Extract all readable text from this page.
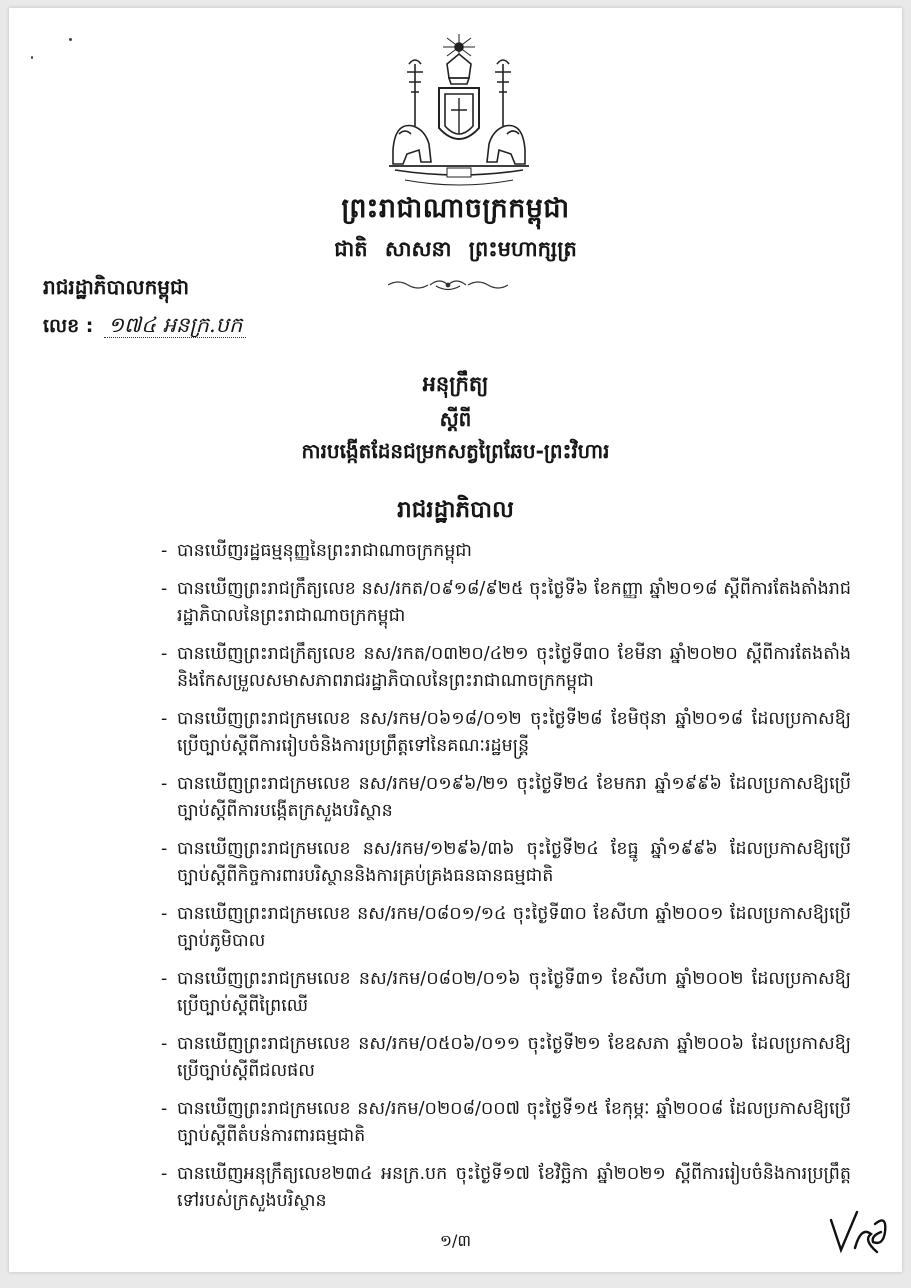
ព្រះរាជាណាចក្រកម្ពុជា
ជាតិ សាសនា ព្រះមហាក្សត្រ
រាជរដ្ឋាភិបាលកម្ពុជា
លេខ : ១៧៤ អនក្រ.បក
អនុក្រឹត្យ
ស្តីពី
ការបង្កើតដែនជម្រកសត្វព្រៃឆែប-ព្រះវិហារ
រាជរដ្ឋាភិបាល
- បានឃើញរដ្ឋធម្មនុញ្ញនៃព្រះរាជាណាចក្រកម្ពុជា
- បានឃើញព្រះរាជក្រឹត្យលេខ នស/រកត/០៩១៨/៩២៥ ចុះថ្ងៃទី៦ ខែកញ្ញា ឆ្នាំ២០១៨ ស្តីពីការតែងតាំងរាជរដ្ឋាភិបាលនៃព្រះរាជាណាចក្រកម្ពុជា
- បានឃើញព្រះរាជក្រឹត្យលេខ នស/រកត/០៣២០/៤២១ ចុះថ្ងៃទី៣០ ខែមីនា ឆ្នាំ២០២០ ស្តីពីការតែងតាំងនិងកែសម្រួលសមាសភាពរាជរដ្ឋាភិបាលនៃព្រះរាជាណាចក្រកម្ពុជា
- បានឃើញព្រះរាជក្រមលេខ នស/រកម/០៦១៨/០១២ ចុះថ្ងៃទី២៨ ខែមិថុនា ឆ្នាំ២០១៨ ដែលប្រកាសឱ្យប្រើច្បាប់ស្តីពីការរៀបចំនិងការប្រព្រឹត្តទៅនៃគណៈរដ្ឋមន្ត្រី
- បានឃើញព្រះរាជក្រមលេខ នស/រកម/០១៩៦/២១ ចុះថ្ងៃទី២៤ ខែមករា ឆ្នាំ១៩៩៦ ដែលប្រកាសឱ្យប្រើច្បាប់ស្តីពីការបង្កើតក្រសួងបរិស្ថាន
- បានឃើញព្រះរាជក្រមលេខ នស/រកម/១២៩៦/៣៦ ចុះថ្ងៃទី២៤ ខែធ្នូ ឆ្នាំ១៩៩៦ ដែលប្រកាសឱ្យប្រើច្បាប់ស្តីពីកិច្ចការពារបរិស្ថាននិងការគ្រប់គ្រងធនធានធម្មជាតិ
- បានឃើញព្រះរាជក្រមលេខ នស/រកម/០៨០១/១៤ ចុះថ្ងៃទី៣០ ខែសីហា ឆ្នាំ២០០១ ដែលប្រកាសឱ្យប្រើច្បាប់ភូមិបាល
- បានឃើញព្រះរាជក្រមលេខ នស/រកម/០៨០២/០១៦ ចុះថ្ងៃទី៣១ ខែសីហា ឆ្នាំ២០០២ ដែលប្រកាសឱ្យប្រើច្បាប់ស្តីពីព្រៃឈើ
- បានឃើញព្រះរាជក្រមលេខ នស/រកម/០៥០៦/០១១ ចុះថ្ងៃទី២១ ខែឧសភា ឆ្នាំ២០០៦ ដែលប្រកាសឱ្យប្រើច្បាប់ស្តីពីជលផល
- បានឃើញព្រះរាជក្រមលេខ នស/រកម/០២០៨/០០៧ ចុះថ្ងៃទី១៥ ខែកុម្ភៈ ឆ្នាំ២០០៨ ដែលប្រកាសឱ្យប្រើច្បាប់ស្តីពីតំបន់ការពារធម្មជាតិ
- បានឃើញអនុក្រឹត្យលេខ២៣៤ អនក្រ.បក ចុះថ្ងៃទី១៧ ខែវិច្ឆិកា ឆ្នាំ២០២១ ស្តីពីការរៀបចំនិងការប្រព្រឹត្តទៅរបស់ក្រសួងបរិស្ថាន
១/៣
